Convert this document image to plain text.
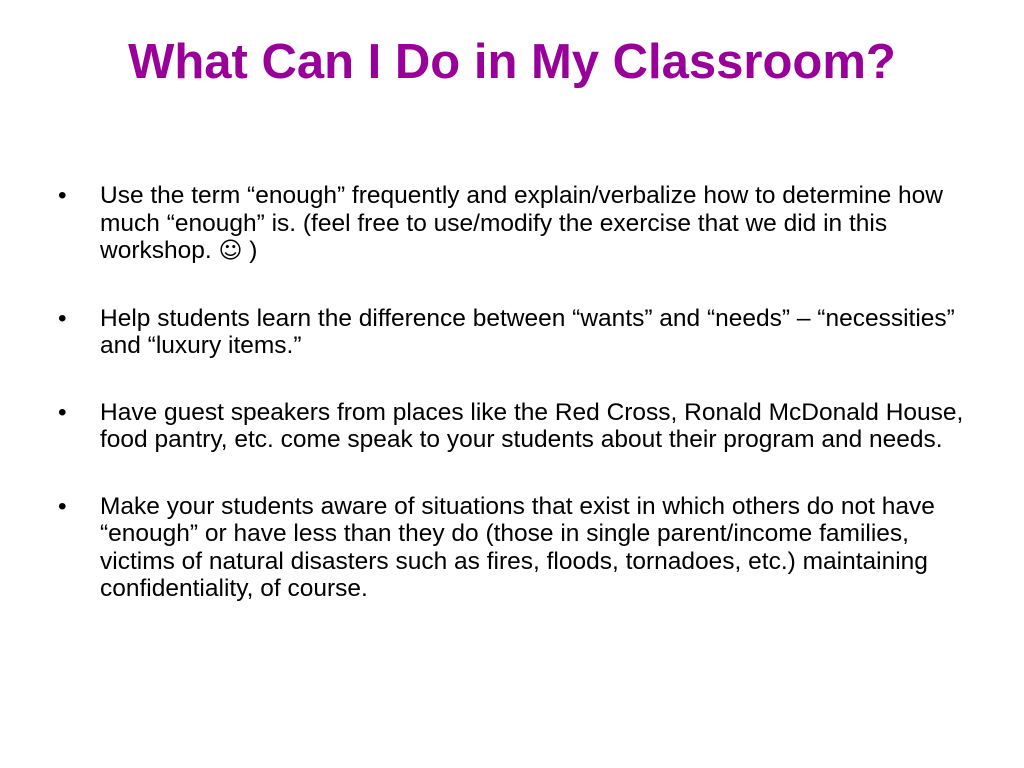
What Can I Do in My Classroom?
• Use the term “enough” frequently and explain/verbalize how to determine how much “enough” is. (feel free to use/modify the exercise that we did in this workshop. ☺ )
• Help students learn the difference between “wants” and “needs” – “necessities” and “luxury items.”
• Have guest speakers from places like the Red Cross, Ronald McDonald House, food pantry, etc. come speak to your students about their program and needs.
• Make your students aware of situations that exist in which others do not have “enough” or have less than they do (those in single parent/income families, victims of natural disasters such as fires, floods, tornadoes, etc.) maintaining confidentiality, of course.
